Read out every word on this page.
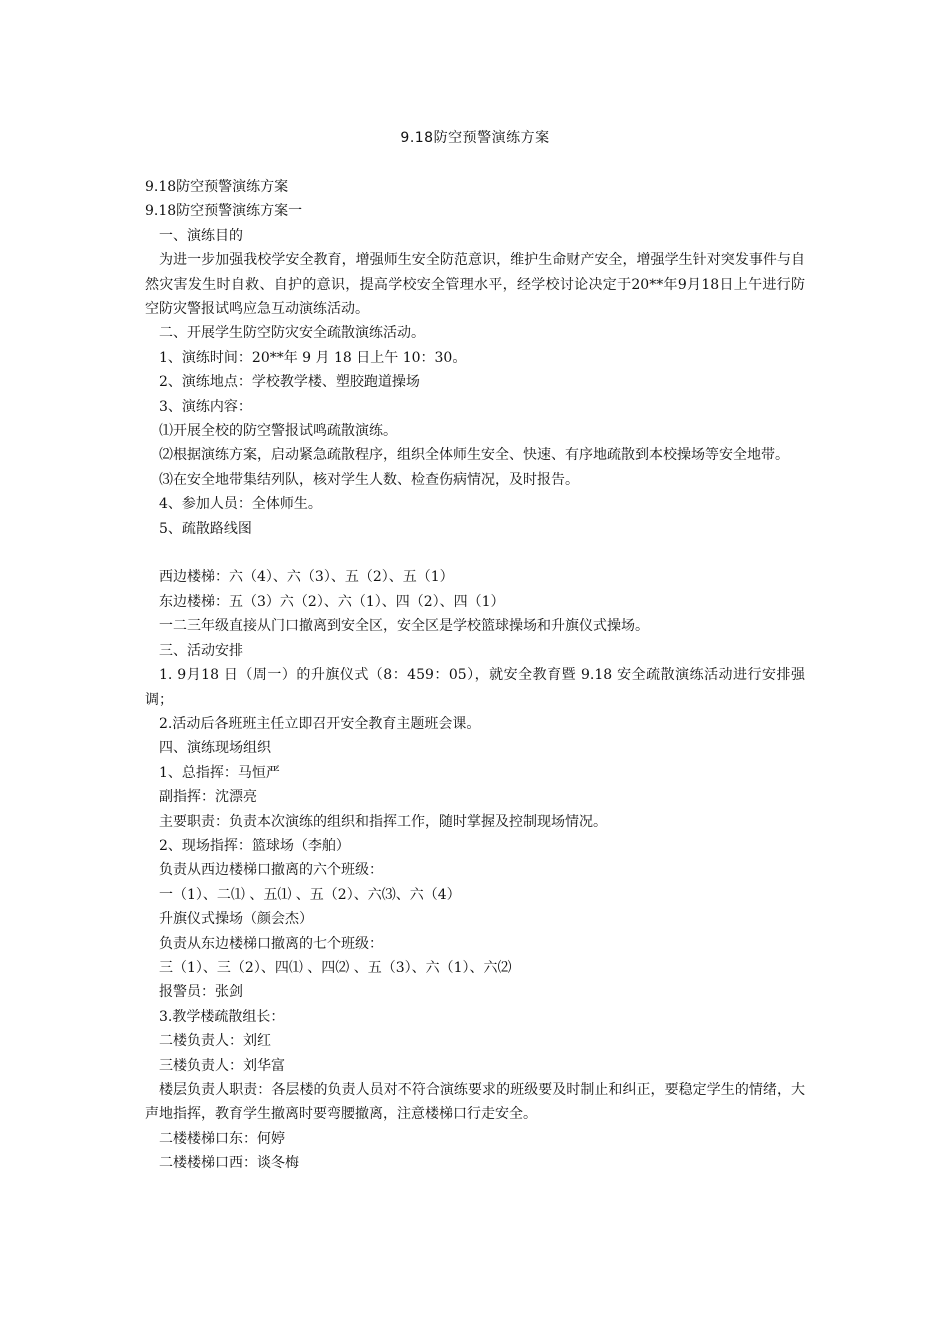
9.18防空预警演练方案

9.18防空预警演练方案

9.18防空预警演练方案一

一、演练目的

为进一步加强我校学安全教育，增强师生安全防范意识，维护生命财产安全，增强学生针对突发事件与自然灾害发生时自救、自护的意识，提高学校安全管理水平，经学校讨论决定于20**年9月18日上午进行防空防灾警报试鸣应急互动演练活动。

二、开展学生防空防灾安全疏散演练活动。

1、演练时间：20**年 9 月 18 日上午 10：30。

2、演练地点：学校教学楼、塑胶跑道操场

3、演练内容：

⑴开展全校的防空警报试鸣疏散演练。

⑵根据演练方案，启动紧急疏散程序，组织全体师生安全、快速、有序地疏散到本校操场等安全地带。

⑶在安全地带集结列队，核对学生人数、检查伤病情况，及时报告。

4、参加人员：全体师生。

5、疏散路线图

西边楼梯：六（4）、六（3）、五（2）、五（1）

东边楼梯：五（3）六（2）、六（1）、四（2）、四（1）

一二三年级直接从门口撤离到安全区，安全区是学校篮球操场和升旗仪式操场。

三、活动安排

1. 9月18 日（周一）的升旗仪式（8：459：05），就安全教育暨 9.18 安全疏散演练活动进行安排强调；

2.活动后各班班主任立即召开安全教育主题班会课。

四、演练现场组织

1、总指挥：马恒严

副指挥：沈漂亮

主要职责：负责本次演练的组织和指挥工作，随时掌握及控制现场情况。

2、现场指挥：篮球场（李舶）

负责从西边楼梯口撤离的六个班级：

一（1）、二⑴ 、五⑴ 、五（2）、六⑶、六（4）

升旗仪式操场（颜会杰）

负责从东边楼梯口撤离的七个班级：

三（1）、三（2）、四⑴ 、四⑵ 、五（3）、六（1）、六⑵

报警员：张剑

3.教学楼疏散组长：

二楼负责人：刘红

三楼负责人：刘华富

楼层负责人职责：各层楼的负责人员对不符合演练要求的班级要及时制止和纠正，要稳定学生的情绪，大声地指挥，教育学生撤离时要弯腰撤离，注意楼梯口行走安全。

二楼楼梯口东：何婷

二楼楼梯口西：谈冬梅
